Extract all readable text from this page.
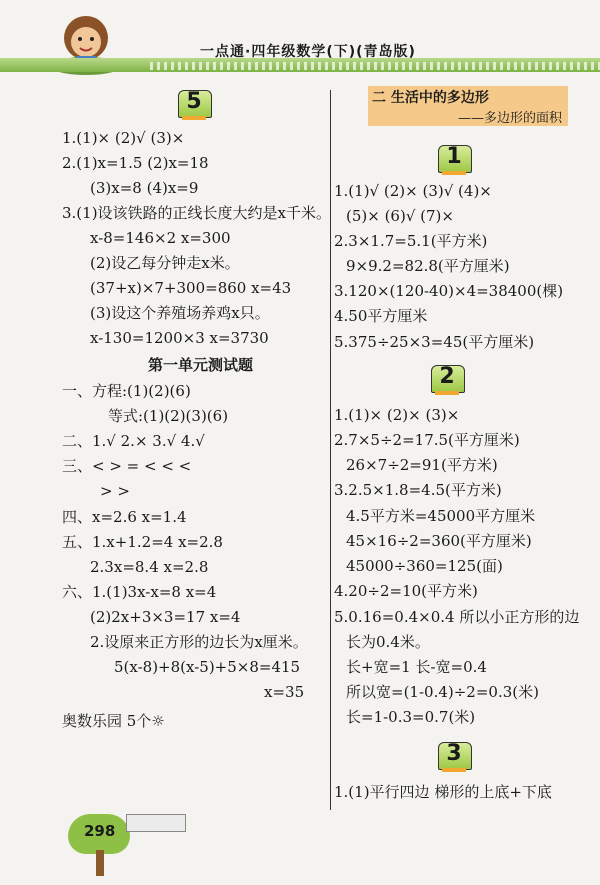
一点通·四年级数学(下)(青岛版)
5
1.(1)× (2)√ (3)×
2.(1)x=1.5 (2)x=18
(3)x=8 (4)x=9
3.(1)设该铁路的正线长度大约是x千米。
x-8=146×2 x=300
(2)设乙每分钟走x米。
(37+x)×7+300=860 x=43
(3)设这个养殖场养鸡x只。
x-130=1200×3 x=3730
第一单元测试题
一、方程:(1)(2)(6)
等式:(1)(2)(3)(6)
二、1.√ 2.× 3.√ 4.√
三、< > = < < <
> >
四、x=2.6 x=1.4
五、1.x+1.2=4 x=2.8
2.3x=8.4 x=2.8
六、1.(1)3x-x=8 x=4
(2)2x+3×3=17 x=4
2.设原来正方形的边长为x厘米。
5(x-8)+8(x-5)+5×8=415
x=35
奥数乐园 5个☼
二 生活中的多边形
——多边形的面积
1
1.(1)√ (2)× (3)√ (4)×
(5)× (6)√ (7)×
2.3×1.7=5.1(平方米)
9×9.2=82.8(平方厘米)
3.120×(120-40)×4=38400(棵)
4.50平方厘米
5.375÷25×3=45(平方厘米)
2
1.(1)× (2)× (3)×
2.7×5÷2=17.5(平方厘米)
26×7÷2=91(平方米)
3.2.5×1.8=4.5(平方米)
4.5平方米=45000平方厘米
45×16÷2=360(平方厘米)
45000÷360=125(面)
4.20÷2=10(平方米)
5.0.16=0.4×0.4 所以小正方形的边
长为0.4米。
长+宽=1 长-宽=0.4
所以宽=(1-0.4)÷2=0.3(米)
长=1-0.3=0.7(米)
3
1.(1)平行四边 梯形的上底+下底
298
